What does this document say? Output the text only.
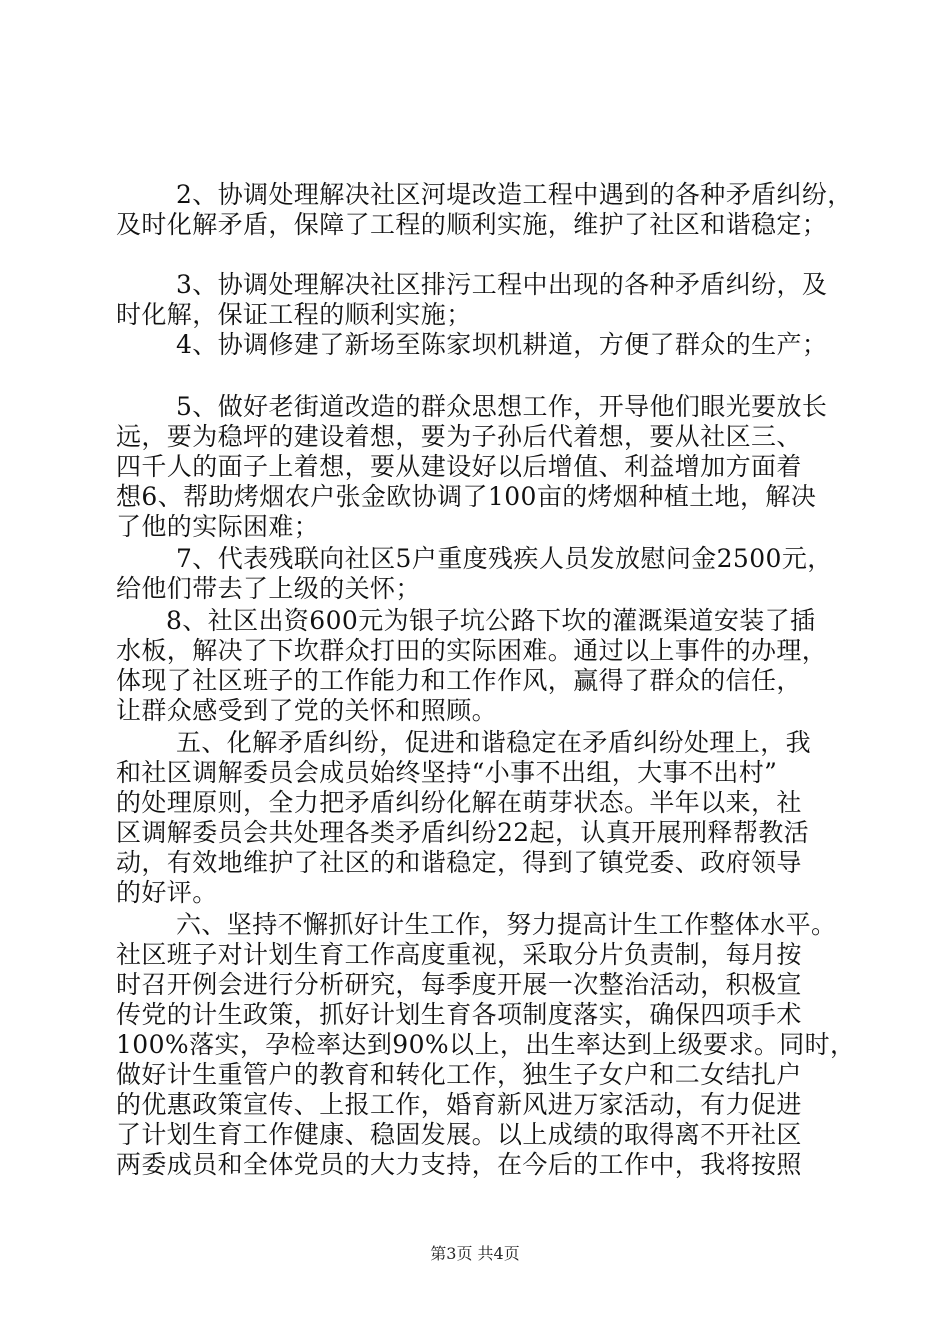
2、协调处理解决社区河堤改造工程中遇到的各种矛盾纠纷，
及时化解矛盾，保障了工程的顺利实施，维护了社区和谐稳定；
3、协调处理解决社区排污工程中出现的各种矛盾纠纷，及
时化解，保证工程的顺利实施；
4、协调修建了新场至陈家坝机耕道，方便了群众的生产；
5、做好老街道改造的群众思想工作，开导他们眼光要放长
远，要为稳坪的建设着想，要为子孙后代着想，要从社区三、
四千人的面子上着想，要从建设好以后增值、利益增加方面着
想6、帮助烤烟农户张金欧协调了100亩的烤烟种植土地，解决
了他的实际困难；
7、代表残联向社区5户重度残疾人员发放慰问金2500元，
给他们带去了上级的关怀；
8、社区出资600元为银子坑公路下坎的灌溉渠道安装了插
水板，解决了下坎群众打田的实际困难。通过以上事件的办理，
体现了社区班子的工作能力和工作作风，赢得了群众的信任，
让群众感受到了党的关怀和照顾。
五、化解矛盾纠纷，促进和谐稳定在矛盾纠纷处理上，我
和社区调解委员会成员始终坚持“小事不出组，大事不出村”
的处理原则，全力把矛盾纠纷化解在萌芽状态。半年以来，社
区调解委员会共处理各类矛盾纠纷22起，认真开展刑释帮教活
动，有效地维护了社区的和谐稳定，得到了镇党委、政府领导
的好评。
六、坚持不懈抓好计生工作，努力提高计生工作整体水平。
社区班子对计划生育工作高度重视，采取分片负责制，每月按
时召开例会进行分析研究，每季度开展一次整治活动，积极宣
传党的计生政策，抓好计划生育各项制度落实，确保四项手术
100%落实，孕检率达到90%以上，出生率达到上级要求。同时，
做好计生重管户的教育和转化工作，独生子女户和二女结扎户
的优惠政策宣传、上报工作，婚育新风进万家活动，有力促进
了计划生育工作健康、稳固发展。以上成绩的取得离不开社区
两委成员和全体党员的大力支持，在今后的工作中，我将按照
第3页 共4页
